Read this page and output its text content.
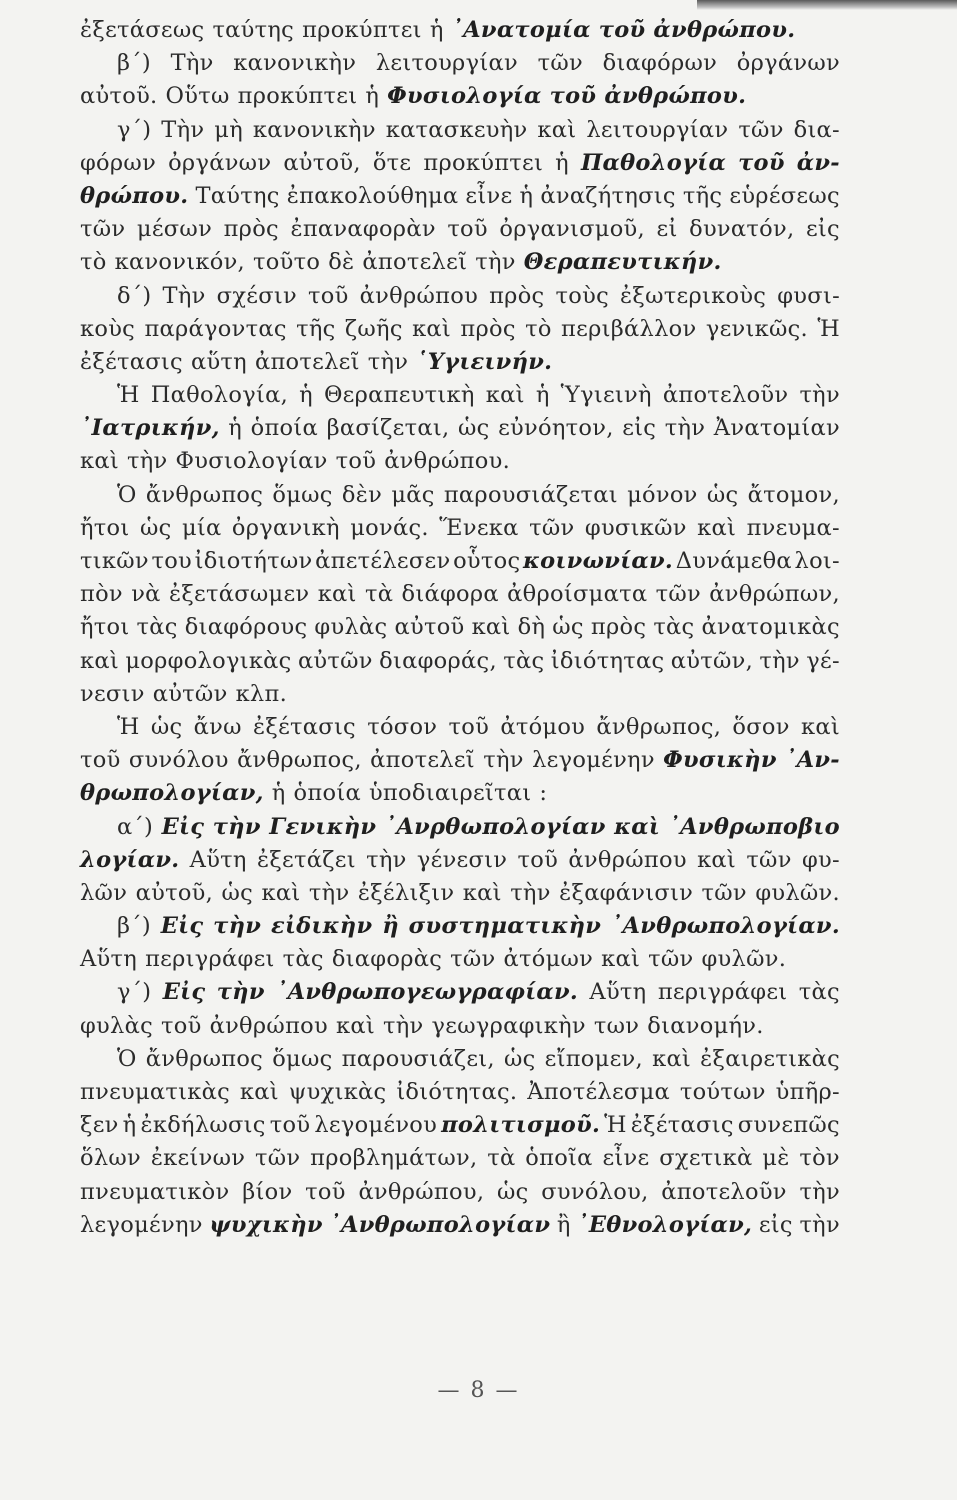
ἐξετάσεως ταύτης προκύπτει ἡ ᾿Ανατομία τοῦ ἀνθρώπου.
β΄) Τὴν κανονικὴν λειτουργίαν τῶν διαφόρων ὀργάνων
αὐτοῦ. Οὕτω προκύπτει ἡ Φυσιολογία τοῦ ἀνθρώπου.
γ΄) Τὴν μὴ κανονικὴν κατασκευὴν καὶ λειτουργίαν τῶν δια-
φόρων ὀργάνων αὐτοῦ, ὅτε προκύπτει ἡ Παθολογία τοῦ ἀν-
θρώπου. Ταύτης ἐπακολούθημα εἶνε ἡ ἀναζήτησις τῆς εὑρέσεως
τῶν μέσων πρὸς ἐπαναφορὰν τοῦ ὀργανισμοῦ, εἰ δυνατόν, εἰς
τὸ κανονικόν, τοῦτο δὲ ἀποτελεῖ τὴν Θεραπευτικήν.
δ΄) Τὴν σχέσιν τοῦ ἀνθρώπου πρὸς τοὺς ἐξωτερικοὺς φυσι-
κοὺς παράγοντας τῆς ζωῆς καὶ πρὸς τὸ περιβάλλον γενικῶς. Ἡ
ἐξέτασις αὕτη ἀποτελεῖ τὴν ῾Υγιεινήν.
Ἡ Παθολογία, ἡ Θεραπευτικὴ καὶ ἡ Ὑγιεινὴ ἀποτελοῦν τὴν
᾿Ιατρικήν, ἡ ὁποία βασίζεται, ὡς εὐνόητον, εἰς τὴν Ἀνατομίαν
καὶ τὴν Φυσιολογίαν τοῦ ἀνθρώπου.
Ὁ ἄνθρωπος ὅμως δὲν μᾶς παρουσιάζεται μόνον ὡς ἄτομον,
ἤτοι ὡς μία ὀργανικὴ μονάς. Ἕνεκα τῶν φυσικῶν καὶ πνευμα-
τικῶν του ἰδιοτήτων ἀπετέλεσεν οὗτος κοινωνίαν. Δυνάμεθα λοι-
πὸν νὰ ἐξετάσωμεν καὶ τὰ διάφορα ἀθροίσματα τῶν ἀνθρώπων,
ἤτοι τὰς διαφόρους φυλὰς αὐτοῦ καὶ δὴ ὡς πρὸς τὰς ἀνατομικὰς
καὶ μορφολογικὰς αὐτῶν διαφοράς, τὰς ἰδιότητας αὐτῶν, τὴν γέ-
νεσιν αὐτῶν κλπ.
Ἡ ὡς ἄνω ἐξέτασις τόσον τοῦ ἀτόμου ἄνθρωπος, ὅσον καὶ
τοῦ συνόλου ἄνθρωπος, ἀποτελεῖ τὴν λεγομένην Φυσικὴν ᾿Αν-
θρωπολογίαν, ἡ ὁποία ὑποδιαιρεῖται :
α΄) Εἰς τὴν Γενικὴν ᾿Ανρθωπολογίαν καὶ ᾿Ανθρωποβιο
λογίαν. Αὕτη ἐξετάζει τὴν γένεσιν τοῦ ἀνθρώπου καὶ τῶν φυ-
λῶν αὐτοῦ, ὡς καὶ τὴν ἐξέλιξιν καὶ τὴν ἐξαφάνισιν τῶν φυλῶν.
β΄) Εἰς τὴν εἰδικὴν ἢ συστηματικὴν ᾿Ανθρωπολογίαν.
Αὕτη περιγράφει τὰς διαφορὰς τῶν ἀτόμων καὶ τῶν φυλῶν.
γ΄) Εἰς τὴν ᾿Ανθρωπογεωγραφίαν. Αὕτη περιγράφει τὰς
φυλὰς τοῦ ἀνθρώπου καὶ τὴν γεωγραφικὴν των διανομήν.
Ὁ ἄνθρωπος ὅμως παρουσιάζει, ὡς εἴπομεν, καὶ ἐξαιρετικὰς
πνευματικὰς καὶ ψυχικὰς ἰδιότητας. Ἀποτέλεσμα τούτων ὑπῆρ-
ξεν ἡ ἐκδήλωσις τοῦ λεγομένου πολιτισμοῦ. Ἡ ἐξέτασις συνεπῶς
ὅλων ἐκείνων τῶν προβλημάτων, τὰ ὁποῖα εἶνε σχετικὰ μὲ τὸν
πνευματικὸν βίον τοῦ ἀνθρώπου, ὡς συνόλου, ἀποτελοῦν τὴν
λεγομένην ψυχικὴν ᾿Ανθρωπολογίαν ἢ ᾿Εθνολογίαν, εἰς τὴν
— 8 —
